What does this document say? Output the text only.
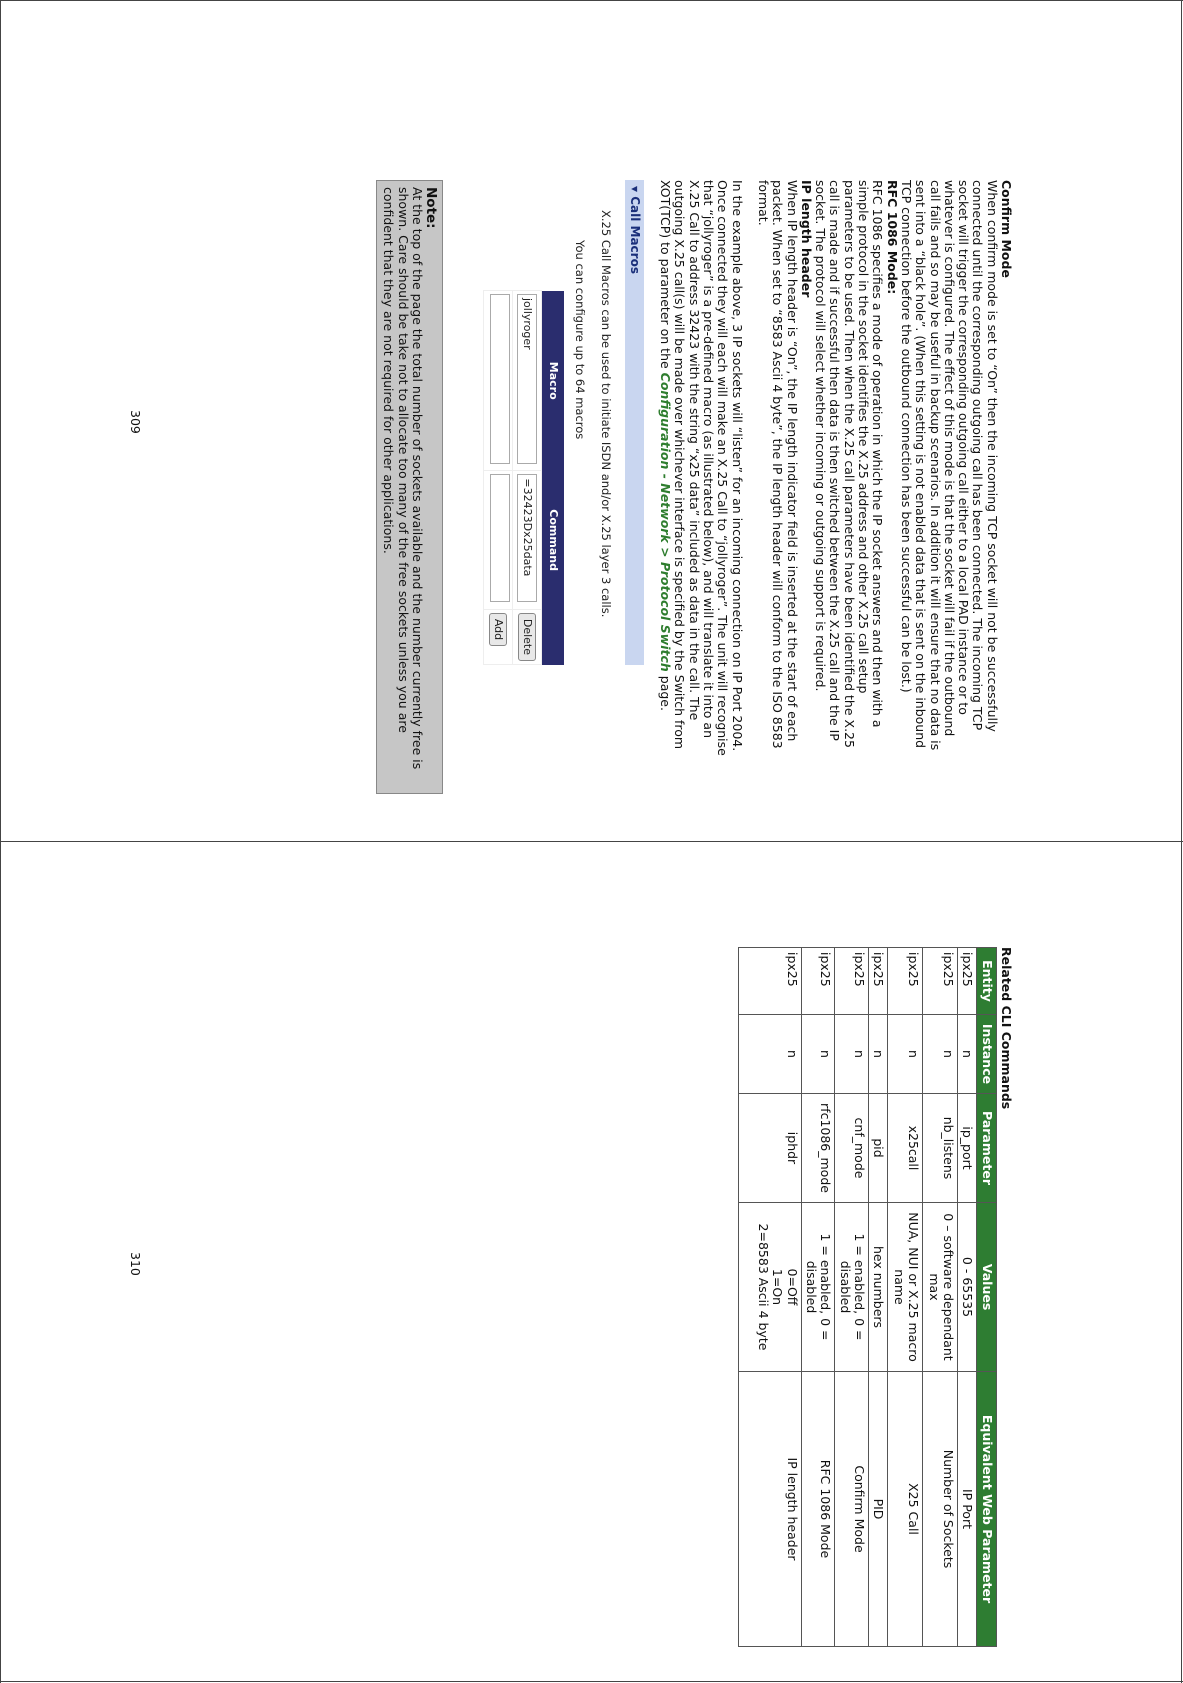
Confirm Mode

When confirm mode is set to “On” then the incoming TCP socket will not be successfully connected until the corresponding outgoing call has been connected. The incoming TCP socket will trigger the corresponding outgoing call either to a local PAD instance or to whatever is configured. The effect of this mode is that the socket will fail if the outbound call fails and so may be useful in backup scenarios. In addition it will ensure that no data is sent into a “black hole”. (When this setting is not enabled data that is sent on the inbound TCP connection before the outbound connection has been successful can be lost.)

RFC 1086 Mode:

RFC 1086 specifies a mode of operation in which the IP socket answers and then with a simple protocol in the socket identifies the X.25 address and other X.25 call setup parameters to be used. Then when the X.25 call parameters have been identified the X.25 call is made and if successful then data is then switched between the X.25 call and the IP socket. The protocol will select whether incoming or outgoing support is required.

IP length header

When IP length header is “On”, the IP length indicator field is inserted at the start of each packet. When set to “8583 Ascii 4 byte”, the IP length header will conform to the ISO 8583 format.

In the example above, 3 IP sockets will “listen” for an incoming connection on IP Port 2004. Once connected they will each will make an X.25 Call to “jollyroger”. The unit will recognise that “jollyroger” is a pre-defined macro (as illustrated below), and will translate it into an X.25 Call to address 32423 with the string “x25 data” included as data in the call. The outgoing X.25 call(s) will be made over whichever interface is specified by the Switch from XOT(TCP) to parameter on the Configuration - Network > Protocol Switch page.

▾ Call Macros
X.25 Call Macros can be used to initiate ISDN and/or X.25 layer 3 calls.
You can configure up to 64 macros
Macro	Command	
jollyroger	=32423Dx25data	Delete
		Add
Note:
At the top of the page the total number of sockets available and the number currently free is shown. Care should be take not to allocate too many of the free sockets unless you are confident that they are not required for other applications.
309
Related CLI Commands
Entity	Instance	Parameter	Values	Equivalent Web Parameter
ipx25	n	ip_port	0 - 65535	IP Port
ipx25	n	nb_listens	0 – software dependant max	Number of Sockets
ipx25	n	x25call	NUA, NUI or X.25 macro name	X25 Call
ipx25	n	pid	hex numbers	PID
ipx25	n	cnf_mode	1 = enabled, 0 = disabled	Confirm Mode
ipx25	n	rfc1086_mode	1 = enabled, 0 = disabled	RFC 1086 Mode
ipx25	n	iphdr	0=Off
1=On
2=8583 Ascii 4 byte	IP length header
310
